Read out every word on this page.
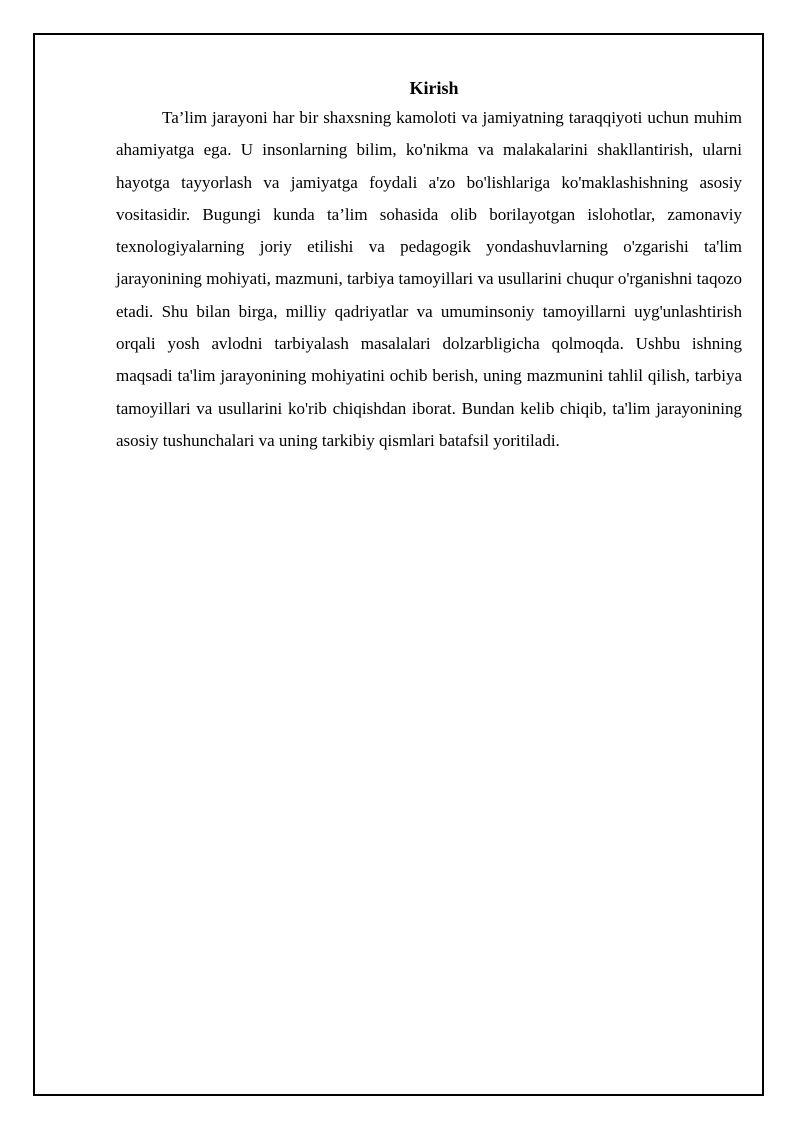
Kirish

Ta’lim jarayoni har bir shaxsning kamoloti va jamiyatning taraqqiyoti uchun muhim ahamiyatga ega. U insonlarning bilim, ko'nikma va malakalarini shakllantirish, ularni hayotga tayyorlash va jamiyatga foydali a'zo bo'lishlariga ko'maklashishning asosiy vositasidir. Bugungi kunda ta’lim sohasida olib borilayotgan islohotlar, zamonaviy texnologiyalarning joriy etilishi va pedagogik yondashuvlarning o'zgarishi ta'lim jarayonining mohiyati, mazmuni, tarbiya tamoyillari va usullarini chuqur o'rganishni taqozo etadi. Shu bilan birga, milliy qadriyatlar va umuminsoniy tamoyillarni uyg'unlashtirish orqali yosh avlodni tarbiyalash masalalari dolzarbligicha qolmoqda. Ushbu ishning maqsadi ta'lim jarayonining mohiyatini ochib berish, uning mazmunini tahlil qilish, tarbiya tamoyillari va usullarini ko'rib chiqishdan iborat. Bundan kelib chiqib, ta'lim jarayonining asosiy tushunchalari va uning tarkibiy qismlari batafsil yoritiladi.
